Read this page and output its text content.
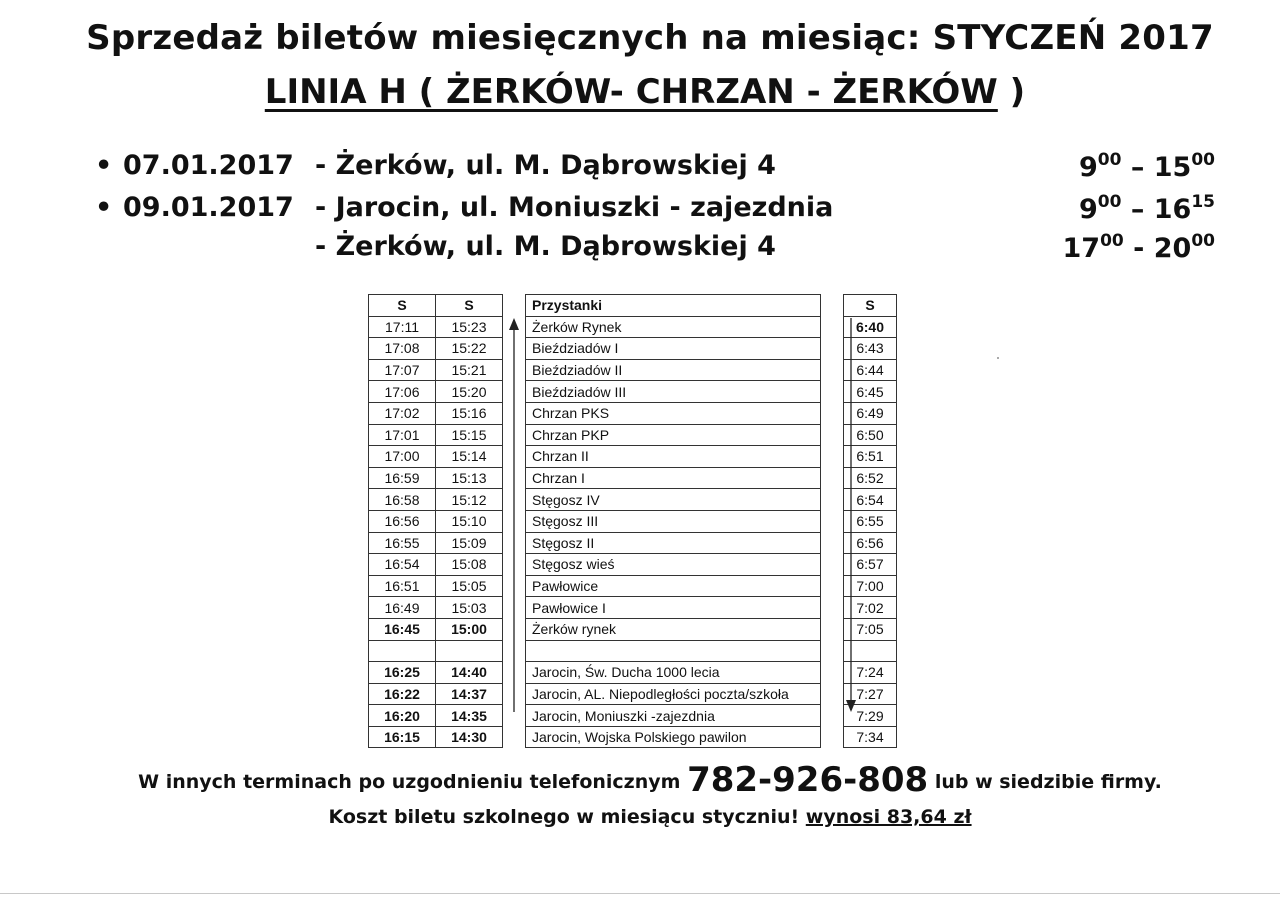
Sprzedaż biletów miesięcznych na miesiąc: STYCZEŃ 2017
LINIA H ( ŻERKÓW- CHRZAN - ŻERKÓW )
• 07.01.2017 - Żerków, ul. M. Dąbrowskiej 4	$9^{00} - 15^{00}$
• 09.01.2017 - Jarocin, ul. Moniuszki - zajezdnia	$9^{00} - 16^{15}$
- Żerków, ul. M. Dąbrowskiej 4	$17^{00} - 20^{00}$
S	S		Przystanki		S
17:11	15:23		Żerków Rynek		6:40
17:08	15:22		Bieździadów I		6:43
17:07	15:21		Bieździadów II		6:44
17:06	15:20		Bieździadów III		6:45
17:02	15:16		Chrzan PKS		6:49
17:01	15:15		Chrzan PKP		6:50
17:00	15:14		Chrzan II		6:51
16:59	15:13		Chrzan I		6:52
16:58	15:12		Stęgosz IV		6:54
16:56	15:10		Stęgosz III		6:55
16:55	15:09		Stęgosz II		6:56
16:54	15:08		Stęgosz wieś		6:57
16:51	15:05		Pawłowice		7:00
16:49	15:03		Pawłowice I		7:02
16:45	15:00		Żerków rynek		7:05

16:25	14:40		Jarocin, Św. Ducha 1000 lecia		7:24
16:22	14:37		Jarocin, AL. Niepodległości poczta/szkoła		7:27
16:20	14:35		Jarocin, Moniuszki -zajezdnia		7:29
16:15	14:30		Jarocin, Wojska Polskiego pawilon		7:34
W innych terminach po uzgodnieniu telefonicznym 782-926-808 lub w siedzibie firmy.
Koszt biletu szkolnego w miesiącu styczniu! wynosi 83,64 zł
